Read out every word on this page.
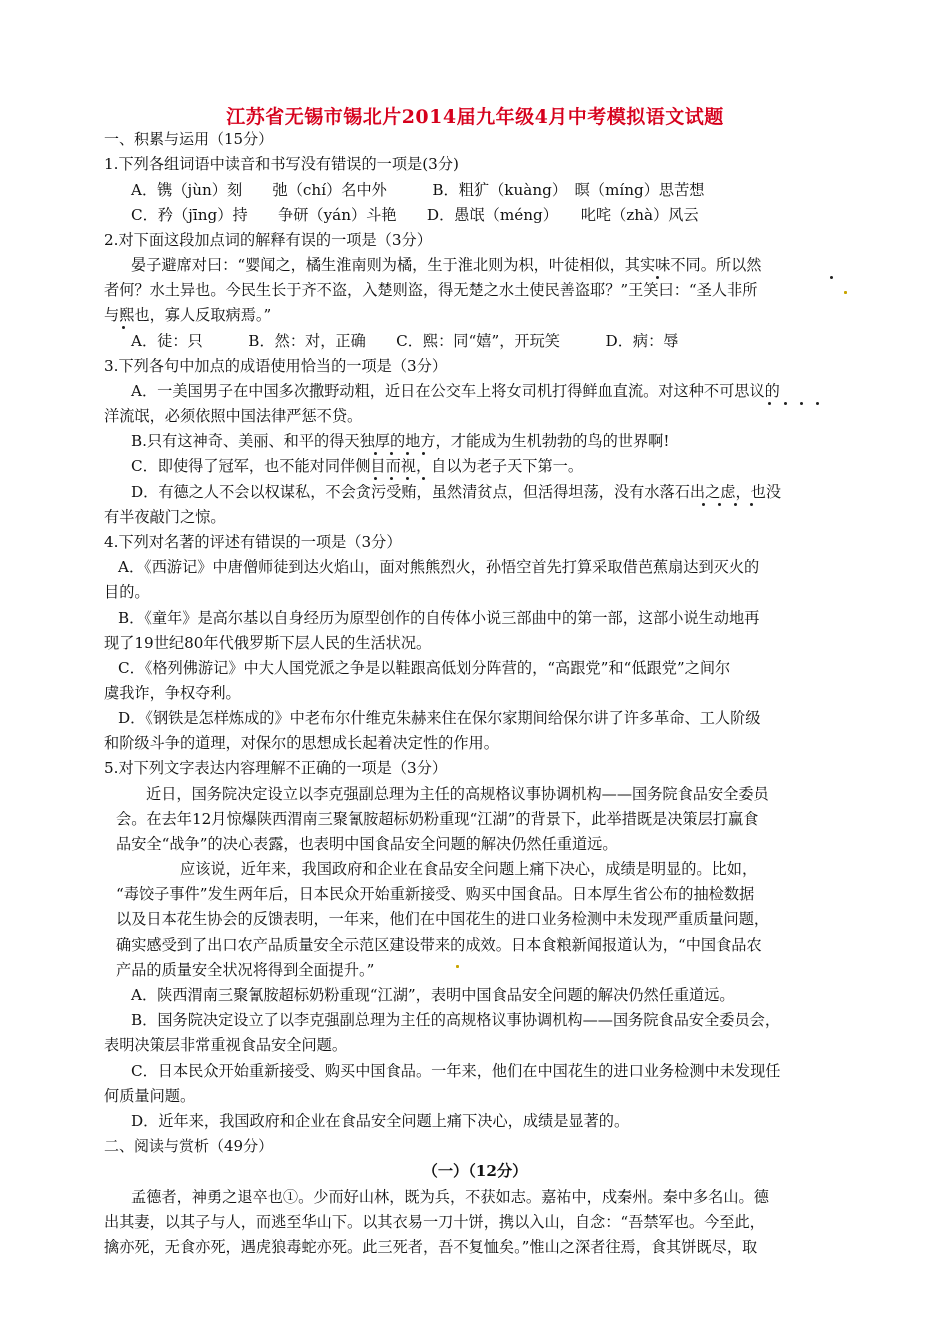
江苏省无锡市锡北片2014届九年级4月中考模拟语文试题
一、积累与运用（15分）
1.下列各组词语中读音和书写没有错误的一项是(3分)
A．镌（jùn）刻　　弛（chí）名中外　　　B．粗犷（kuàng）　暝（míng）思苦想
C．矜（jīng）持　　争研（yán）斗艳　　D．愚氓（méng）　　叱咤（zhà）风云
2.对下面这段加点词的解释有误的一项是（3分）
晏子避席对曰：“婴闻之，橘生淮南则为橘，生于淮北则为枳，叶徒相似，其实味不同。所以然
者何？水土异也。今民生长于齐不盗，入楚则盗，得无楚之水土使民善盗耶？”王笑曰：“圣人非所
与熙也，寡人反取病焉。”
A．徒：只　　　B．然：对，正确　　C．熙：同“嬉”，开玩笑　　　D．病：辱
3.下列各句中加点的成语使用恰当的一项是（3分）
A．一美国男子在中国多次撒野动粗，近日在公交车上将女司机打得鲜血直流。对这种不可思议的
洋流氓，必须依照中国法律严惩不贷。
B.只有这神奇、美丽、和平的得天独厚的地方，才能成为生机勃勃的鸟的世界啊!
C．即使得了冠军，也不能对同伴侧目而视，自以为老子天下第一。
D．有德之人不会以权谋私，不会贪污受贿，虽然清贫点，但活得坦荡，没有水落石出之虑，也没
有半夜敲门之惊。
4.下列对名著的评述有错误的一项是（3分）
A．《西游记》中唐僧师徒到达火焰山，面对熊熊烈火，孙悟空首先打算采取借芭蕉扇达到灭火的
目的。
B．《童年》是高尔基以自身经历为原型创作的自传体小说三部曲中的第一部，这部小说生动地再
现了19世纪80年代俄罗斯下层人民的生活状况。
C．《格列佛游记》中大人国党派之争是以鞋跟高低划分阵营的，“高跟党”和“低跟党”之间尔
虞我诈，争权夺利。
D．《钢铁是怎样炼成的》中老布尔什维克朱赫来住在保尔家期间给保尔讲了许多革命、工人阶级
和阶级斗争的道理，对保尔的思想成长起着决定性的作用。
5.对下列文字表达内容理解不正确的一项是（3分）
近日，国务院决定设立以李克强副总理为主任的高规格议事协调机构——国务院食品安全委员
会。在去年12月惊爆陕西渭南三聚氰胺超标奶粉重现“江湖”的背景下，此举措既是决策层打赢食
品安全“战争”的决心表露，也表明中国食品安全问题的解决仍然任重道远。
应该说，近年来，我国政府和企业在食品安全问题上痛下决心，成绩是明显的。比如，
“毒饺子事件”发生两年后，日本民众开始重新接受、购买中国食品。日本厚生省公布的抽检数据
以及日本花生协会的反馈表明，一年来，他们在中国花生的进口业务检测中未发现严重质量问题，
确实感受到了出口农产品质量安全示范区建设带来的成效。日本食粮新闻报道认为，“中国食品农
产品的质量安全状况将得到全面提升。”
A．陕西渭南三聚氰胺超标奶粉重现“江湖”，表明中国食品安全问题的解决仍然任重道远。
B．国务院决定设立了以李克强副总理为主任的高规格议事协调机构——国务院食品安全委员会，
表明决策层非常重视食品安全问题。
C．日本民众开始重新接受、购买中国食品。一年来，他们在中国花生的进口业务检测中未发现任
何质量问题。
D．近年来，我国政府和企业在食品安全问题上痛下决心，成绩是显著的。
二、阅读与赏析（49分）
（一）（12分）
孟德者，神勇之退卒也①。少而好山林，既为兵，不获如志。嘉祐中，戍秦州。秦中多名山。德
出其妻，以其子与人，而逃至华山下。以其衣易一刀十饼，携以入山，自念：“吾禁军也。今至此，
擒亦死，无食亦死，遇虎狼毒蛇亦死。此三死者，吾不复恤矣。”惟山之深者往焉，食其饼既尽，取
